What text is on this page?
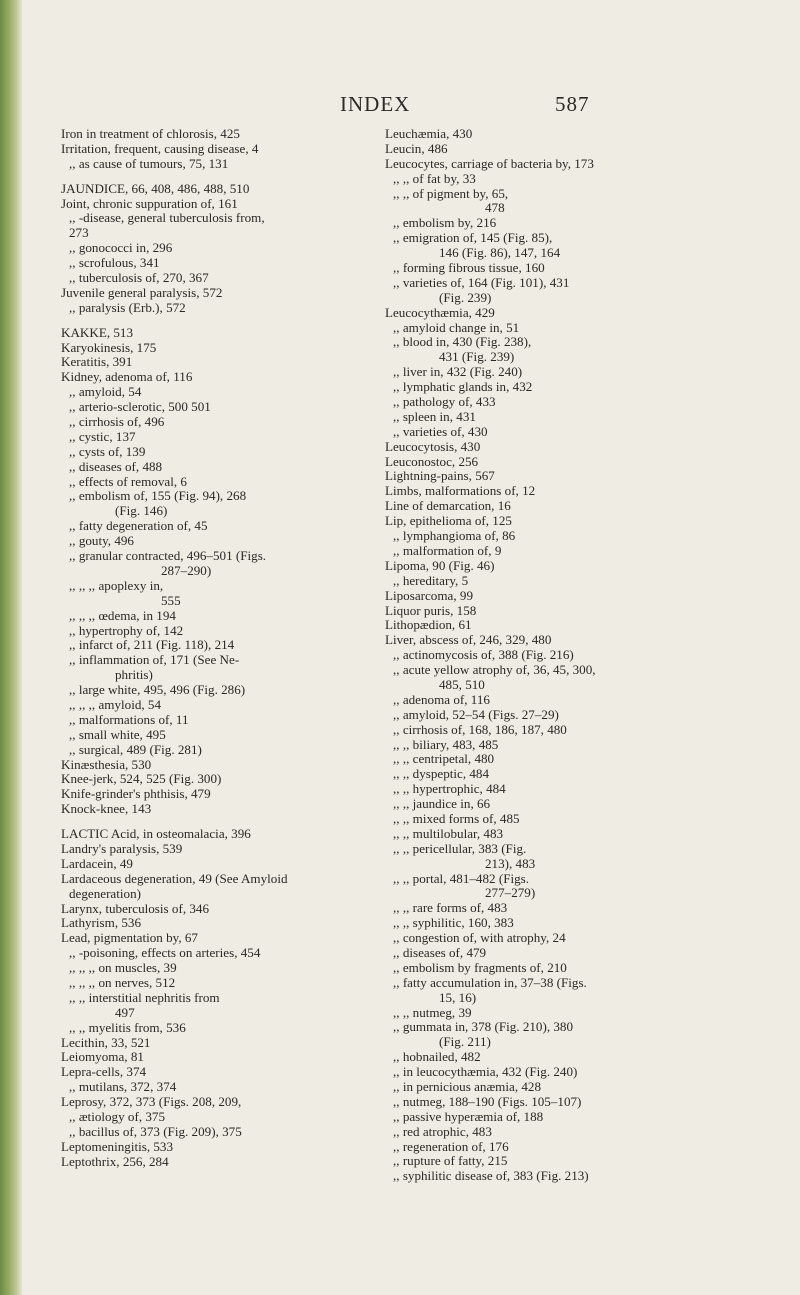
INDEX	587
Iron in treatment of chlorosis, 425
Irritation, frequent, causing disease, 4
,, as cause of tumours, 75, 131
JAUNDICE, 66, 408, 486, 488, 510
Joint, chronic suppuration of, 161
,, -disease, general tuberculosis from,
273
,, gonococci in, 296
,, scrofulous, 341
,, tuberculosis of, 270, 367
Juvenile general paralysis, 572
,, paralysis (Erb.), 572
KAKKE, 513
Karyokinesis, 175
Keratitis, 391
Kidney, adenoma of, 116
,, amyloid, 54
,, arterio-sclerotic, 500 501
,, cirrhosis of, 496
,, cystic, 137
,, cysts of, 139
,, diseases of, 488
,, effects of removal, 6
,, embolism of, 155 (Fig. 94), 268
(Fig. 146)
,, fatty degeneration of, 45
,, gouty, 496
,, granular contracted, 496–501 (Figs.
287–290)
,, ,, ,, apoplexy in,
555
,, ,, ,, œdema, in 194
,, hypertrophy of, 142
,, infarct of, 211 (Fig. 118), 214
,, inflammation of, 171 (See Ne-
phritis)
,, large white, 495, 496 (Fig. 286)
,, ,, ,, amyloid, 54
,, malformations of, 11
,, small white, 495
,, surgical, 489 (Fig. 281)
Kinæsthesia, 530
Knee-jerk, 524, 525 (Fig. 300)
Knife-grinder's phthisis, 479
Knock-knee, 143
LACTIC Acid, in osteomalacia, 396
Landry's paralysis, 539
Lardacein, 49
Lardaceous degeneration, 49 (See Amyloid
degeneration)
Larynx, tuberculosis of, 346
Lathyrism, 536
Lead, pigmentation by, 67
,, -poisoning, effects on arteries, 454
,, ,, ,, on muscles, 39
,, ,, ,, on nerves, 512
,, ,, interstitial nephritis from
497
,, ,, myelitis from, 536
Lecithin, 33, 521
Leiomyoma, 81
Lepra-cells, 374
,, mutilans, 372, 374
Leprosy, 372, 373 (Figs. 208, 209,
,, ætiology of, 375
,, bacillus of, 373 (Fig. 209), 375
Leptomeningitis, 533
Leptothrix, 256, 284
Leuchæmia, 430
Leucin, 486
Leucocytes, carriage of bacteria by, 173
,, ,, of fat by, 33
,, ,, of pigment by, 65,
478
,, embolism by, 216
,, emigration of, 145 (Fig. 85),
146 (Fig. 86), 147, 164
,, forming fibrous tissue, 160
,, varieties of, 164 (Fig. 101), 431
(Fig. 239)
Leucocythæmia, 429
,, amyloid change in, 51
,, blood in, 430 (Fig. 238),
431 (Fig. 239)
,, liver in, 432 (Fig. 240)
,, lymphatic glands in, 432
,, pathology of, 433
,, spleen in, 431
,, varieties of, 430
Leucocytosis, 430
Leuconostoc, 256
Lightning-pains, 567
Limbs, malformations of, 12
Line of demarcation, 16
Lip, epithelioma of, 125
,, lymphangioma of, 86
,, malformation of, 9
Lipoma, 90 (Fig. 46)
,, hereditary, 5
Liposarcoma, 99
Liquor puris, 158
Lithopædion, 61
Liver, abscess of, 246, 329, 480
,, actinomycosis of, 388 (Fig. 216)
,, acute yellow atrophy of, 36, 45, 300,
485, 510
,, adenoma of, 116
,, amyloid, 52–54 (Figs. 27–29)
,, cirrhosis of, 168, 186, 187, 480
,, ,, biliary, 483, 485
,, ,, centripetal, 480
,, ,, dyspeptic, 484
,, ,, hypertrophic, 484
,, ,, jaundice in, 66
,, ,, mixed forms of, 485
,, ,, multilobular, 483
,, ,, pericellular, 383 (Fig.
213), 483
,, ,, portal, 481–482 (Figs.
277–279)
,, ,, rare forms of, 483
,, ,, syphilitic, 160, 383
,, congestion of, with atrophy, 24
,, diseases of, 479
,, embolism by fragments of, 210
,, fatty accumulation in, 37–38 (Figs.
15, 16)
,, ,, nutmeg, 39
,, gummata in, 378 (Fig. 210), 380
(Fig. 211)
,, hobnailed, 482
,, in leucocythæmia, 432 (Fig. 240)
,, in pernicious anæmia, 428
,, nutmeg, 188–190 (Figs. 105–107)
,, passive hyperæmia of, 188
,, red atrophic, 483
,, regeneration of, 176
,, rupture of fatty, 215
,, syphilitic disease of, 383 (Fig. 213)
